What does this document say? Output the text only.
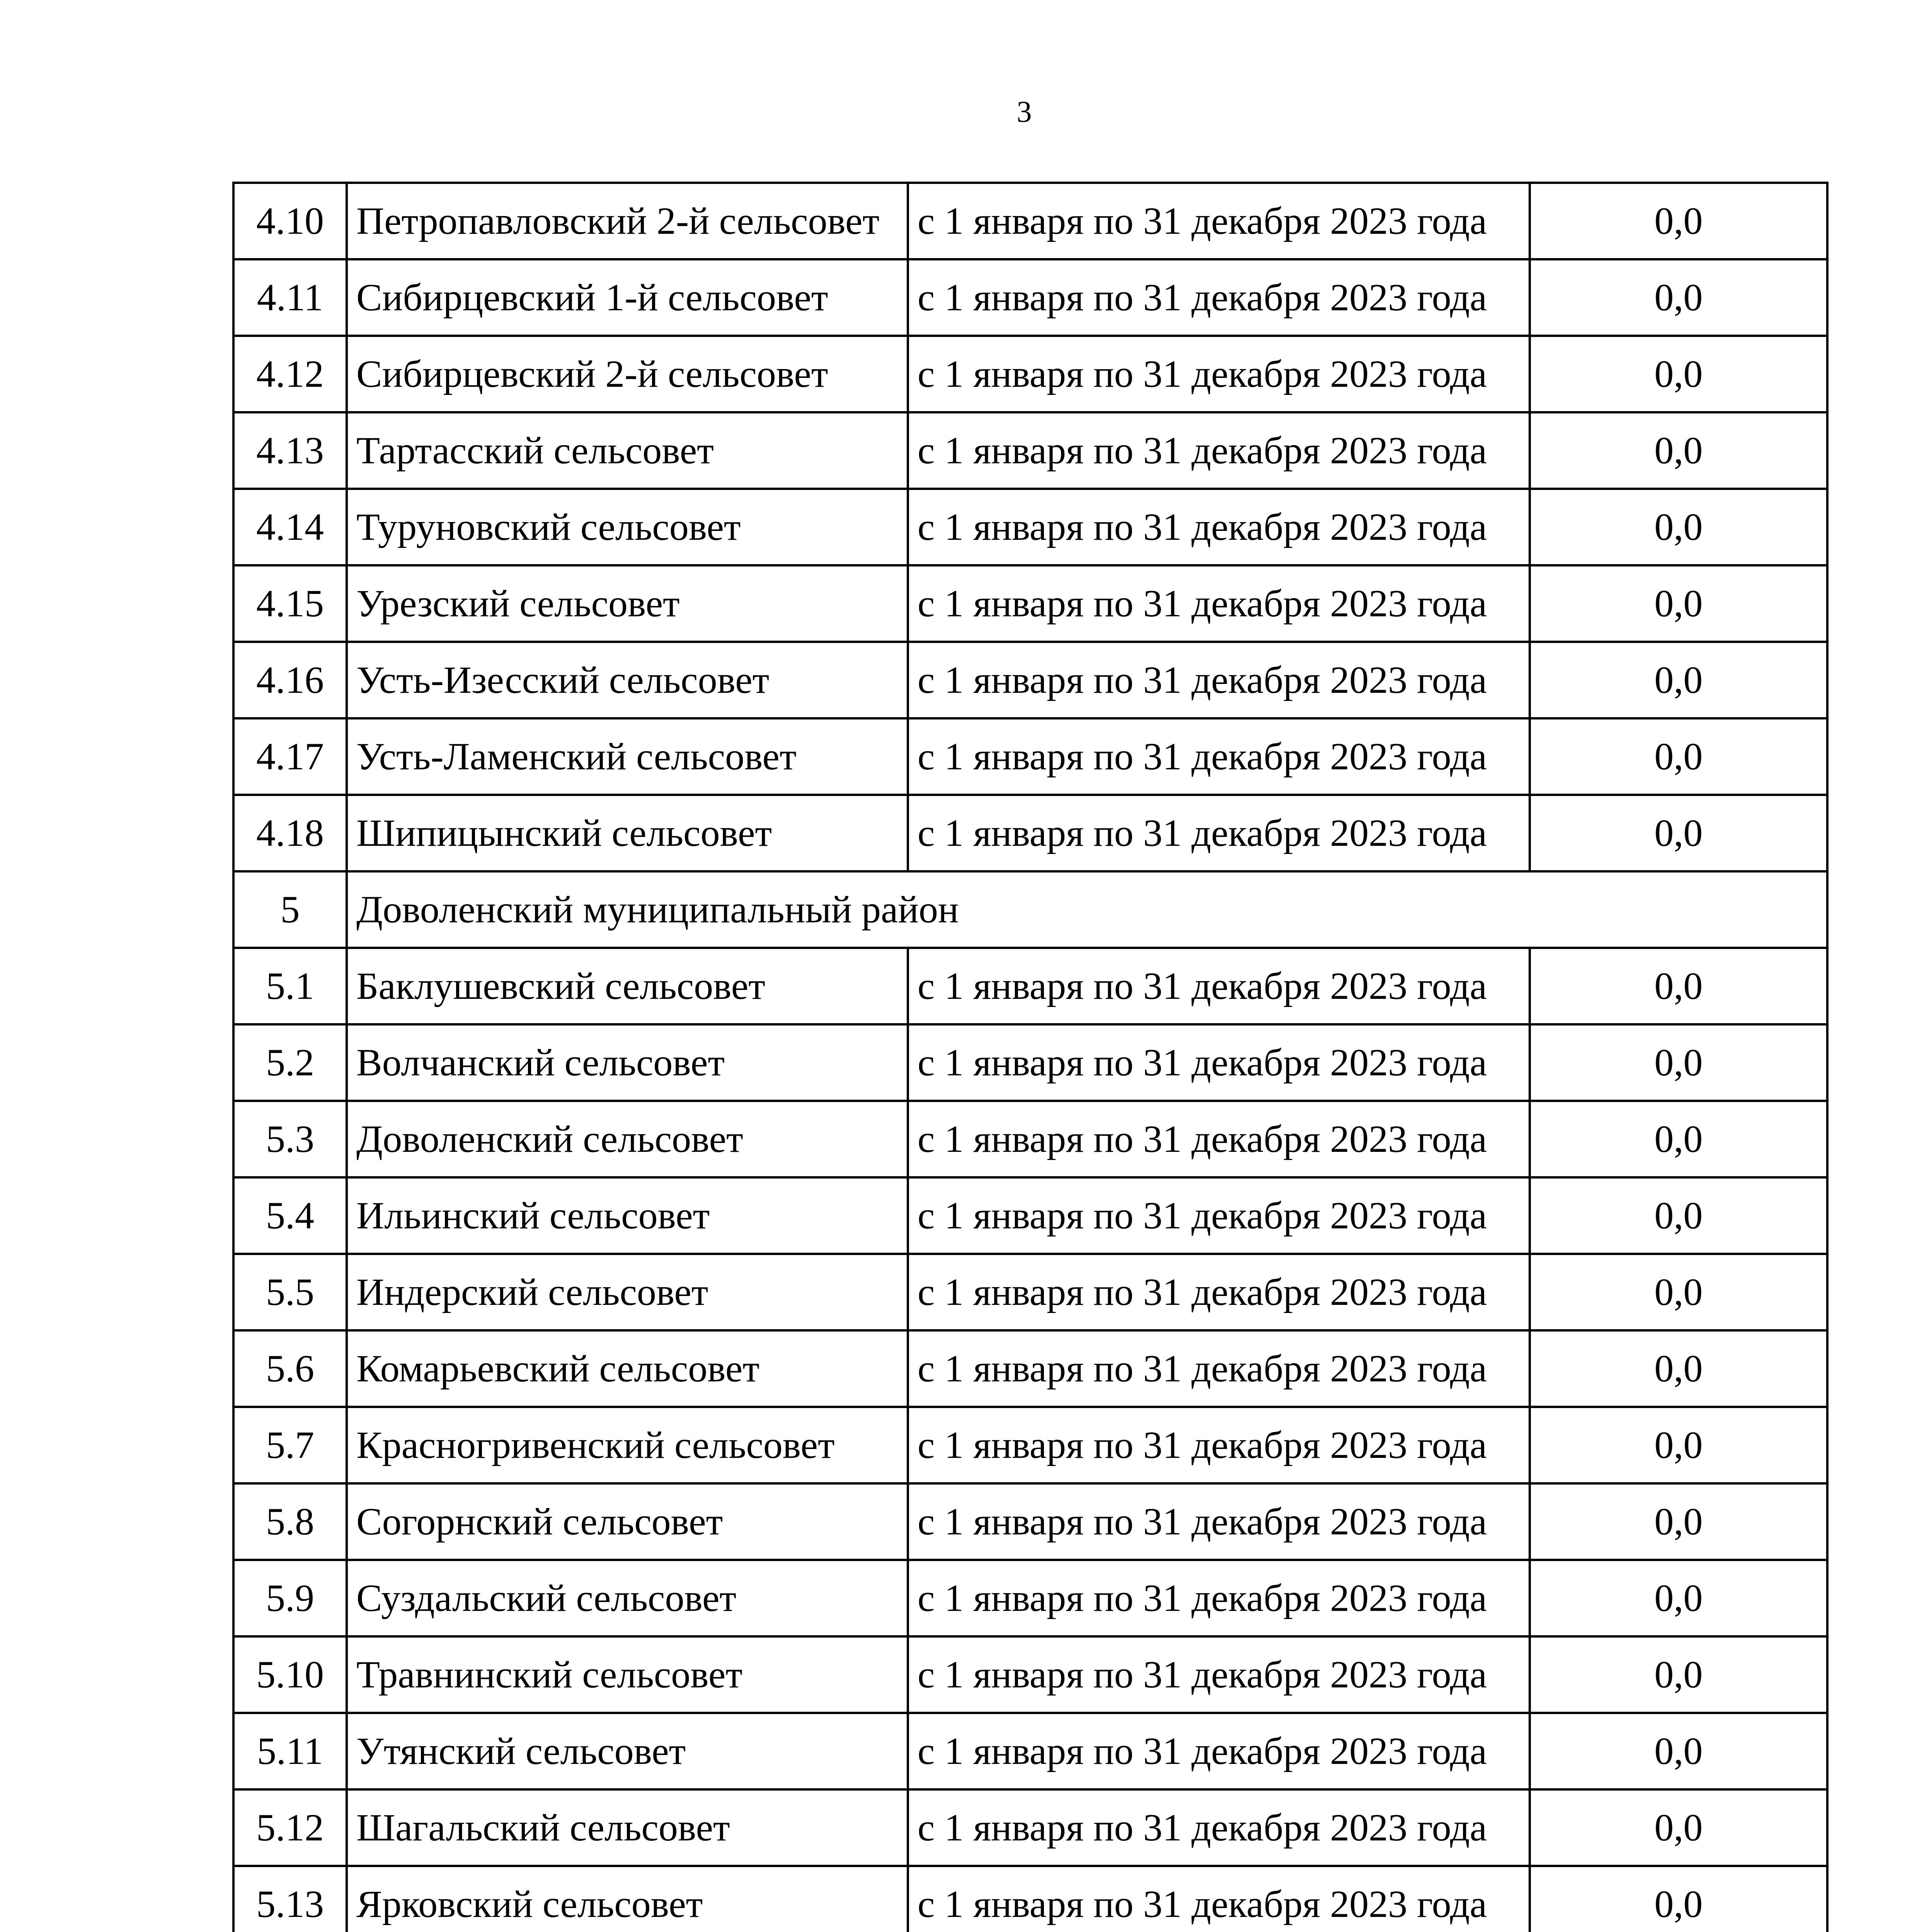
3
4.10	Петропавловский 2-й сельсовет	с 1 января по 31 декабря 2023 года	0,0
4.11	Сибирцевский 1-й сельсовет	с 1 января по 31 декабря 2023 года	0,0
4.12	Сибирцевский 2-й сельсовет	с 1 января по 31 декабря 2023 года	0,0
4.13	Тартасский сельсовет	с 1 января по 31 декабря 2023 года	0,0
4.14	Туруновский сельсовет	с 1 января по 31 декабря 2023 года	0,0
4.15	Урезский сельсовет	с 1 января по 31 декабря 2023 года	0,0
4.16	Усть-Изесский сельсовет	с 1 января по 31 декабря 2023 года	0,0
4.17	Усть-Ламенский сельсовет	с 1 января по 31 декабря 2023 года	0,0
4.18	Шипицынский сельсовет	с 1 января по 31 декабря 2023 года	0,0
5	Доволенский муниципальный район		
5.1	Баклушевский сельсовет	с 1 января по 31 декабря 2023 года	0,0
5.2	Волчанский сельсовет	с 1 января по 31 декабря 2023 года	0,0
5.3	Доволенский сельсовет	с 1 января по 31 декабря 2023 года	0,0
5.4	Ильинский сельсовет	с 1 января по 31 декабря 2023 года	0,0
5.5	Индерский сельсовет	с 1 января по 31 декабря 2023 года	0,0
5.6	Комарьевский сельсовет	с 1 января по 31 декабря 2023 года	0,0
5.7	Красногривенский сельсовет	с 1 января по 31 декабря 2023 года	0,0
5.8	Согорнский сельсовет	с 1 января по 31 декабря 2023 года	0,0
5.9	Суздальский сельсовет	с 1 января по 31 декабря 2023 года	0,0
5.10	Травнинский сельсовет	с 1 января по 31 декабря 2023 года	0,0
5.11	Утянский сельсовет	с 1 января по 31 декабря 2023 года	0,0
5.12	Шагальский сельсовет	с 1 января по 31 декабря 2023 года	0,0
5.13	Ярковский сельсовет	с 1 января по 31 декабря 2023 года	0,0
